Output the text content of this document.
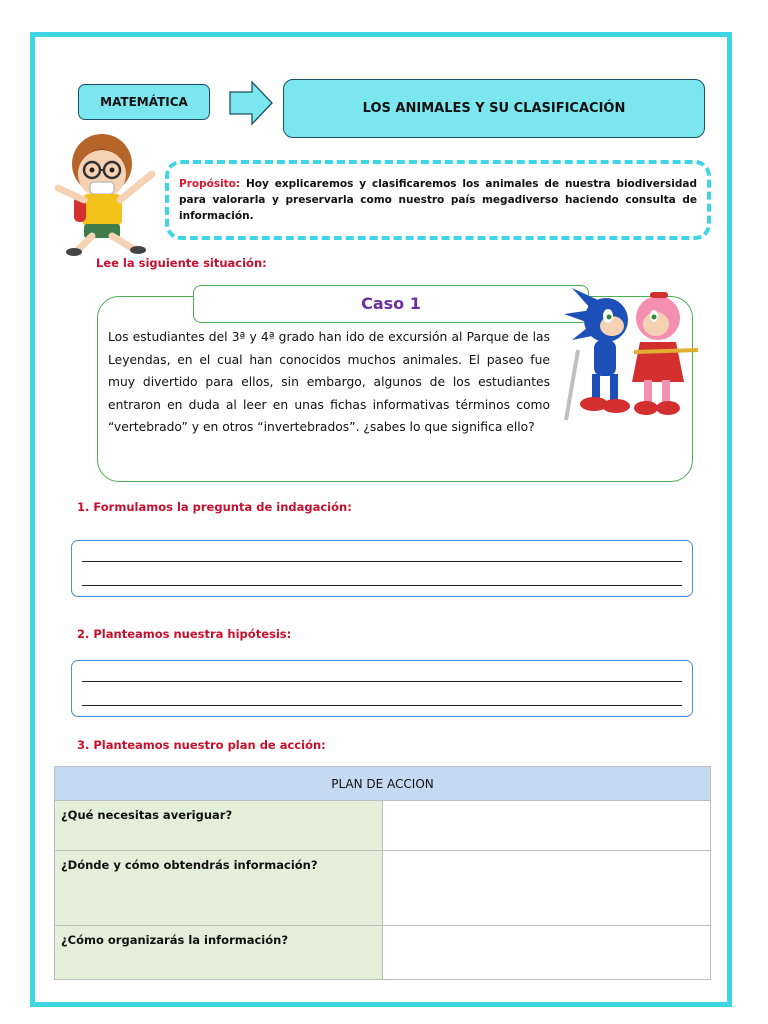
MATEMÁTICA	LOS ANIMALES Y SU CLASIFICACIÓN
Propósito: Hoy explicaremos y clasificaremos los animales de nuestra biodiversidad para valorarla y preservarla como nuestro país megadiverso haciendo consulta de información.
Lee la siguiente situación:
Caso 1
Los estudiantes del 3ª y 4ª grado han ido de excursión al Parque de las Leyendas, en el cual han conocidos muchos animales. El paseo fue muy divertido para ellos, sin embargo, algunos de los estudiantes entraron en duda al leer en unas fichas informativas términos como “vertebrado” y en otros “invertebrados”. ¿sabes lo que significa ello?
1. Formulamos la pregunta de indagación:
2. Planteamos nuestra hipótesis:
3. Planteamos nuestro plan de acción:
PLAN DE ACCION	
¿Qué necesitas averiguar?	
¿Dónde y cómo obtendrás información?	
¿Cómo organizarás la información?	
